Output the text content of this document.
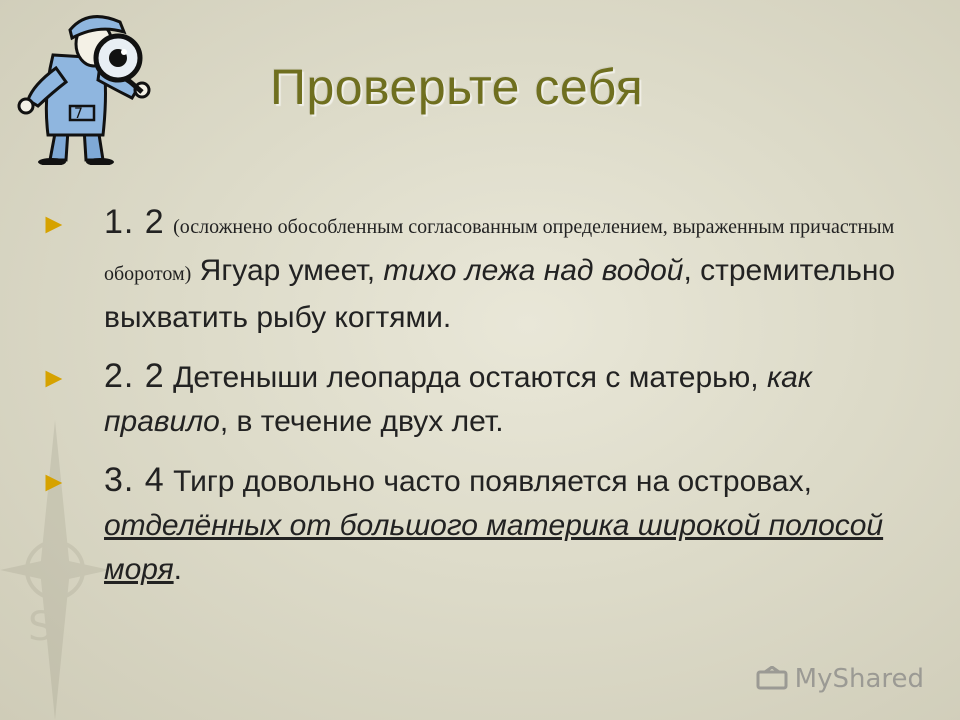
7
S
Проверьте себя
► 1. 2 (осложнено обособленным согласованным определением, выраженным причастным оборотом) Ягуар умеет, тихо лежа над водой, стремительно выхватить рыбу когтями.
► 2. 2 Детеныши леопарда остаются с матерью, как правило, в течение двух лет.
► 3. 4 Тигр довольно часто появляется на островах, отделённых от большого материка широкой полосой моря.
MyShared
